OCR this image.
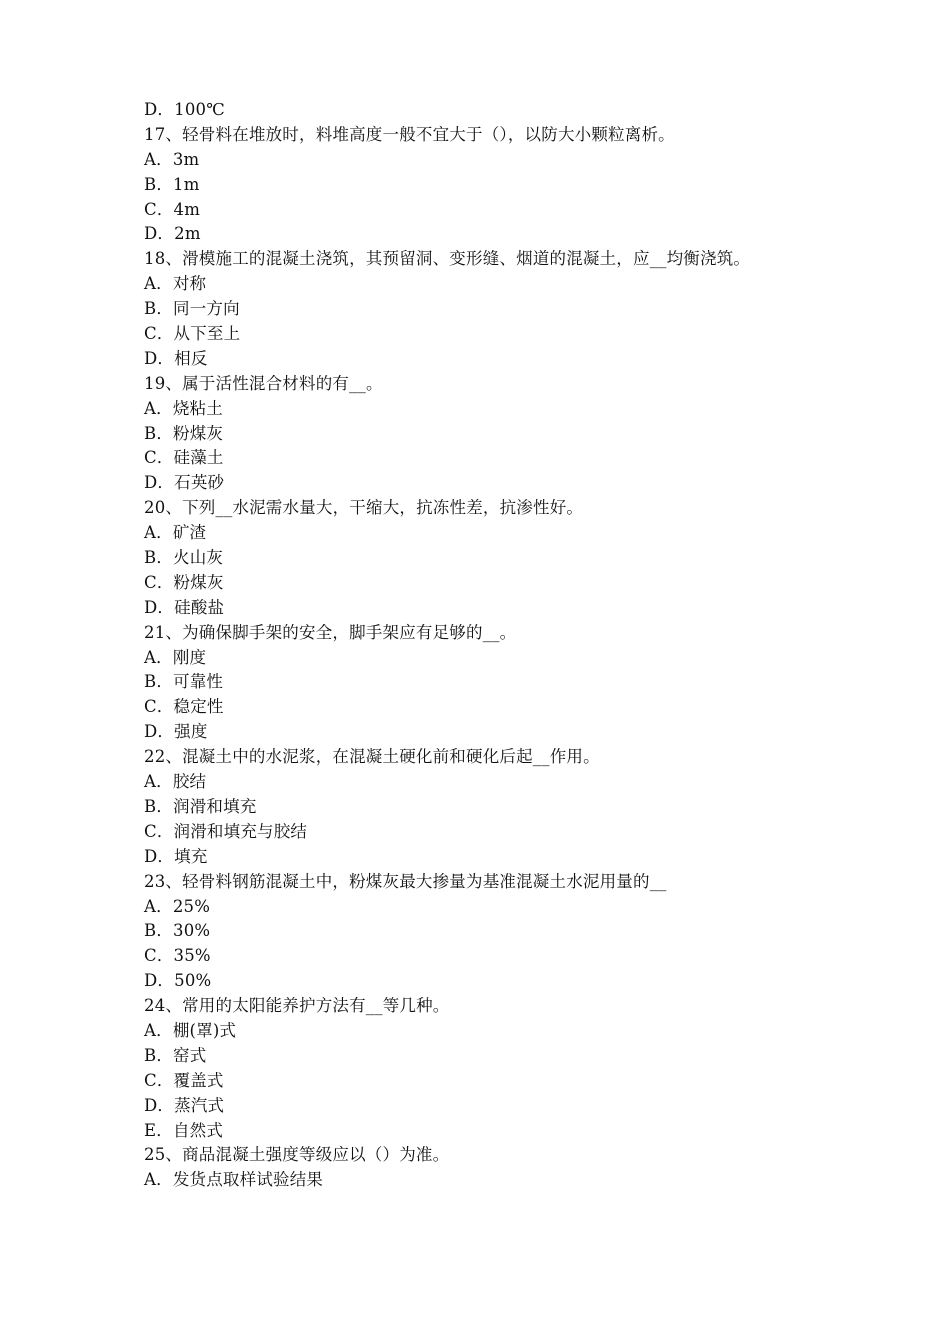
D．100℃
17、轻骨料在堆放时，料堆高度一般不宜大于（），以防大小颗粒离析。
A．3m
B．1m
C．4m
D．2m
18、滑模施工的混凝土浇筑，其预留洞、变形缝、烟道的混凝土，应__均衡浇筑。
A．对称
B．同一方向
C．从下至上
D．相反
19、属于活性混合材料的有__。
A．烧粘土
B．粉煤灰
C．硅藻土
D．石英砂
20、下列__水泥需水量大，干缩大，抗冻性差，抗渗性好。
A．矿渣
B．火山灰
C．粉煤灰
D．硅酸盐
21、为确保脚手架的安全，脚手架应有足够的__。
A．刚度
B．可靠性
C．稳定性
D．强度
22、混凝土中的水泥浆，在混凝土硬化前和硬化后起__作用。
A．胶结
B．润滑和填充
C．润滑和填充与胶结
D．填充
23、轻骨料钢筋混凝土中，粉煤灰最大掺量为基准混凝土水泥用量的__
A．25%
B．30%
C．35%
D．50%
24、常用的太阳能养护方法有__等几种。
A．棚(罩)式
B．窑式
C．覆盖式
D．蒸汽式
E．自然式
25、商品混凝土强度等级应以（）为准。
A．发货点取样试验结果
